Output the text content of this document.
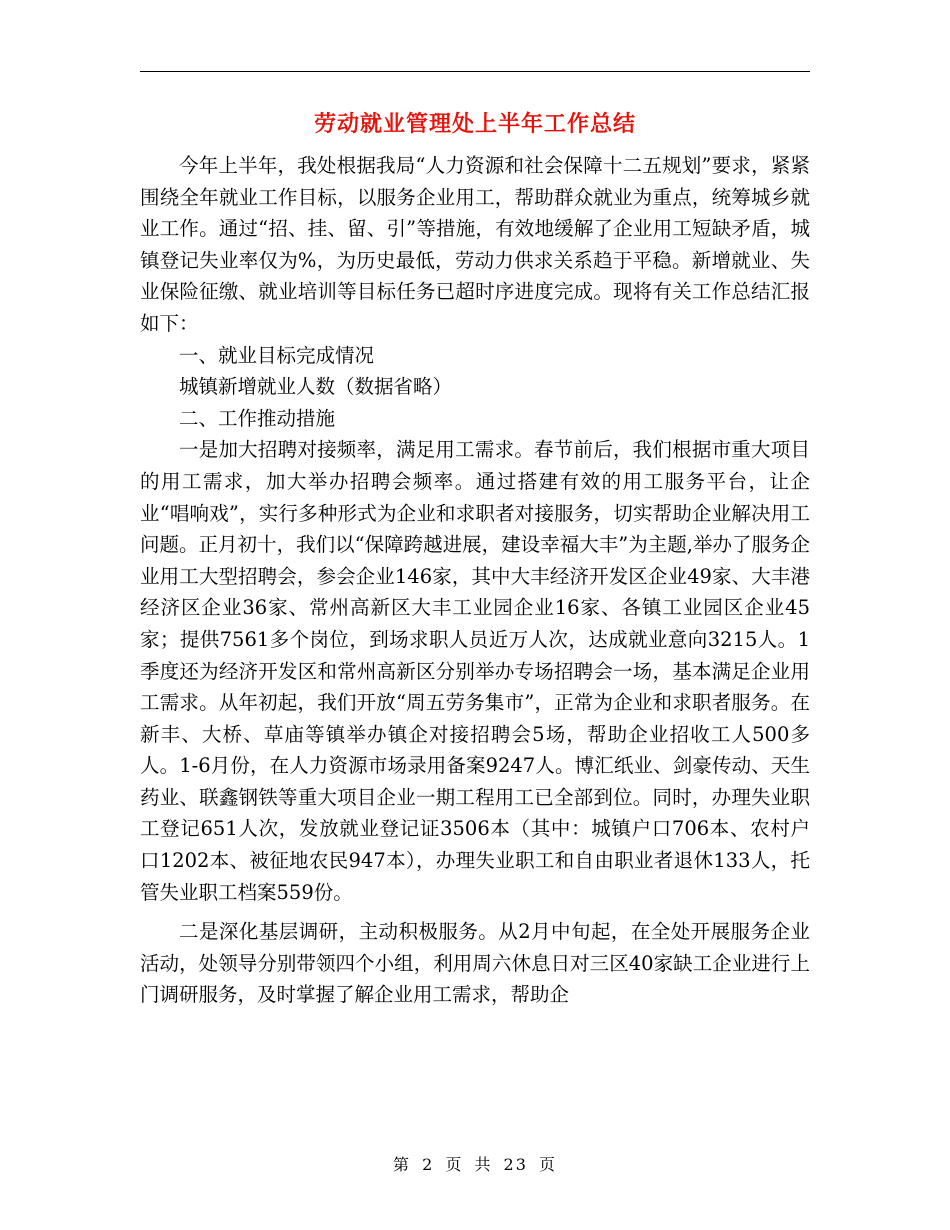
劳动就业管理处上半年工作总结

今年上半年，我处根据我局“人力资源和社会保障十二五规划”要求，紧紧围绕全年就业工作目标，以服务企业用工，帮助群众就业为重点，统筹城乡就业工作。通过“招、挂、留、引”等措施，有效地缓解了企业用工短缺矛盾，城镇登记失业率仅为%，为历史最低，劳动力供求关系趋于平稳。新增就业、失业保险征缴、就业培训等目标任务已超时序进度完成。现将有关工作总结汇报如下：

一、就业目标完成情况

城镇新增就业人数（数据省略）

二、工作推动措施

一是加大招聘对接频率，满足用工需求。春节前后，我们根据市重大项目的用工需求，加大举办招聘会频率。通过搭建有效的用工服务平台，让企业“唱响戏”，实行多种形式为企业和求职者对接服务，切实帮助企业解决用工问题。正月初十，我们以“保障跨越进展，建设幸福大丰”为主题,举办了服务企业用工大型招聘会，参会企业146家，其中大丰经济开发区企业49家、大丰港经济区企业36家、常州高新区大丰工业园企业16家、各镇工业园区企业45家；提供7561多个岗位，到场求职人员近万人次，达成就业意向3215人。1季度还为经济开发区和常州高新区分别举办专场招聘会一场，基本满足企业用工需求。从年初起，我们开放“周五劳务集市”，正常为企业和求职者服务。在新丰、大桥、草庙等镇举办镇企对接招聘会5场，帮助企业招收工人500多人。1-6月份，在人力资源市场录用备案9247人。博汇纸业、剑豪传动、天生药业、联鑫钢铁等重大项目企业一期工程用工已全部到位。同时，办理失业职工登记651人次，发放就业登记证3506本（其中：城镇户口706本、农村户口1202本、被征地农民947本），办理失业职工和自由职业者退休133人，托管失业职工档案559份。

二是深化基层调研，主动积极服务。从2月中旬起，在全处开展服务企业活动，处领导分别带领四个小组，利用周六休息日对三区40家缺工企业进行上门调研服务，及时掌握了解企业用工需求，帮助企

第 2 页 共 23 页
